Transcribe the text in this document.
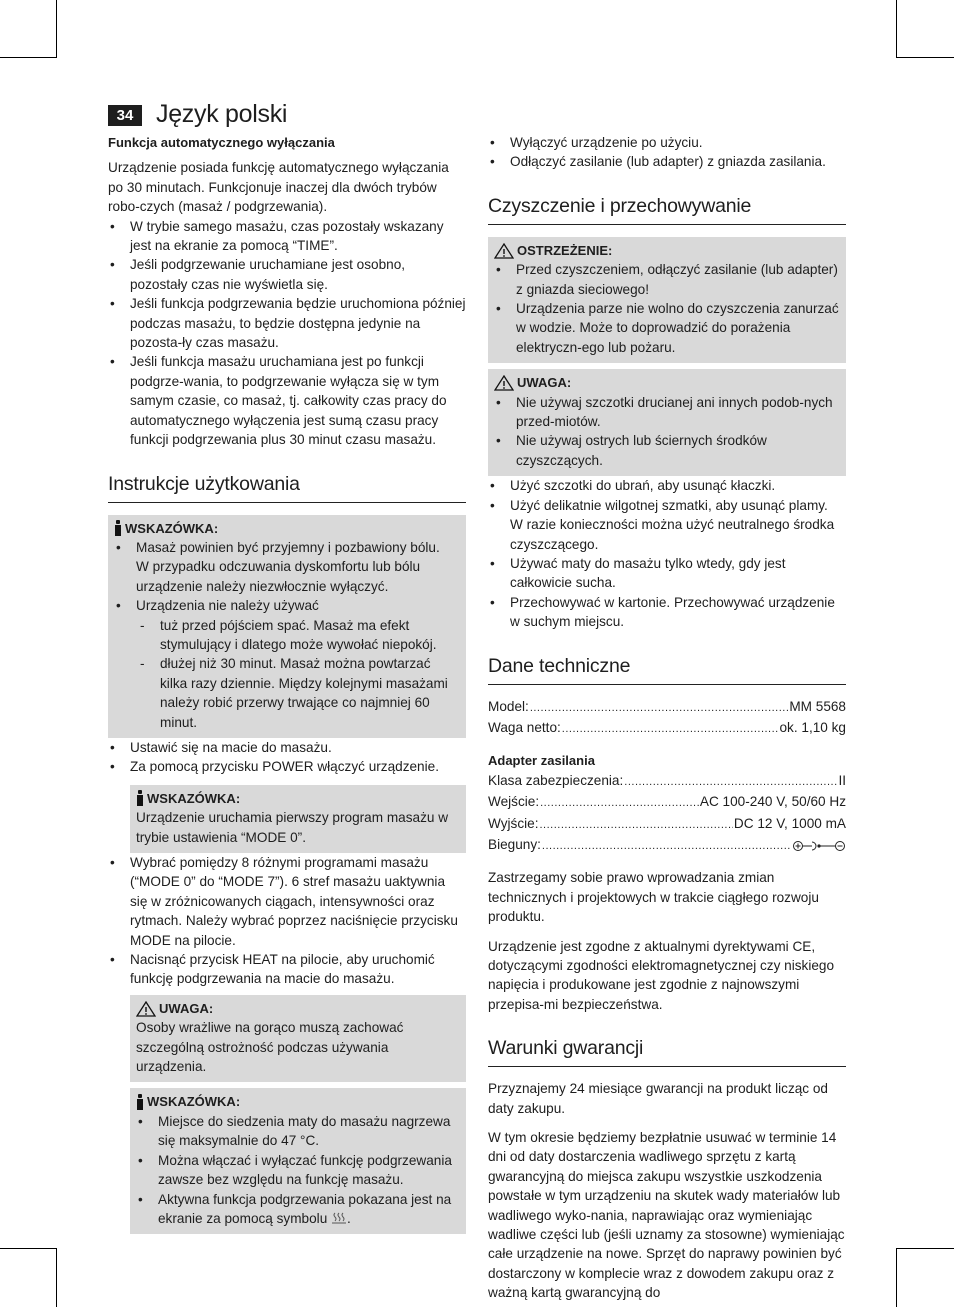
34 Język polski

Funkcja automatycznego wyłączania

Urządzenie posiada funkcję automatycznego wyłączania po 30 minutach. Funkcjonuje inaczej dla dwóch trybów robo-czych (masaż / podgrzewania).

• W trybie samego masażu, czas pozostały wskazany jest na ekranie za pomocą “TIME”.
• Jeśli podgrzewanie uruchamiane jest osobno, pozostały czas nie wyświetla się.
• Jeśli funkcja podgrzewania będzie uruchomiona później podczas masażu, to będzie dostępna jedynie na pozosta-ły czas masażu.
• Jeśli funkcja masażu uruchamiana jest po funkcji podgrze-wania, to podgrzewanie wyłącza się w tym samym czasie, co masaż, tj. całkowity czas pracy do automatycznego wyłączenia jest sumą czasu pracy funkcji podgrzewania plus 30 minut czasu masażu.
Instrukcje użytkowania
WSKAZÓWKA:
• Masaż powinien być przyjemny i pozbawiony bólu.
W przypadku odczuwania dyskomfortu lub bólu urządzenie należy niezwłocznie wyłączyć.
• Urządzenia nie należy używać
- tuż przed pójściem spać. Masaż ma efekt stymulujący i dlatego może wywołać niepokój.
- dłużej niż 30 minut. Masaż można powtarzać kilka razy dziennie. Między kolejnymi masażami należy robić przerwy trwające co najmniej 60 minut.
• Ustawić się na macie do masażu.
• Za pomocą przycisku POWER włączyć urządzenie.
WSKAZÓWKA:

Urządzenie uruchamia pierwszy program masażu w trybie ustawienia “MODE 0”.

• Wybrać pomiędzy 8 różnymi programami masażu (“MODE 0” do “MODE 7”). 6 stref masażu uaktywnia się w zróżnicowanych ciągach, intensywności oraz rytmach. Należy wybrać poprzez naciśnięcie przycisku MODE na pilocie.
• Nacisnąć przycisk HEAT na pilocie, aby uruchomić funkcję podgrzewania na macie do masażu.
UWAGA:

Osoby wrażliwe na gorąco muszą zachować szczególną ostrożność podczas używania urządzenia.

WSKAZÓWKA:
• Miejsce do siedzenia maty do masażu nagrzewa się maksymalnie do 47 °C.
• Można włączać i wyłączać funkcję podgrzewania zawsze bez względu na funkcję masażu.
• Aktywna funkcja podgrzewania pokazana jest na ekranie za pomocą symbolu .
• Wyłączyć urządzenie po użyciu.
• Odłączyć zasilanie (lub adapter) z gniazda zasilania.
Czyszczenie i przechowywanie
OSTRZEŻENIE:
• Przed czyszczeniem, odłączyć zasilanie (lub adapter) z gniazda sieciowego!
• Urządzenia parze nie wolno do czyszczenia zanurzać w wodzie. Może to doprowadzić do porażenia elektryczn-ego lub pożaru.
UWAGA:
• Nie używaj szczotki drucianej ani innych podob-nych przed-miotów.
• Nie używaj ostrych lub ściernych środków czyszczących.
• Użyć szczotki do ubrań, aby usunąć kłaczki.
• Użyć delikatnie wilgotnej szmatki, aby usunąć plamy.
W razie konieczności można użyć neutralnego środka czyszczącego.
• Używać maty do masażu tylko wtedy, gdy jest całkowicie sucha.
• Przechowywać w kartonie. Przechowywać urządzenie w suchym miejscu.
Dane techniczne
Model: .....	MM 5568
Waga netto: .....	ok. 1,10 kg

Adapter zasilania

Klasa zabezpieczenia: .....	II
Wejście: .....	AC 100-240 V, 50/60 Hz
Wyjście: .....	DC 12 V, 1000 mA
Bieguny:
.....

Zastrzegamy sobie prawo wprowadzania zmian technicznych i projektowych w trakcie ciągłego rozwoju produktu.

Urządzenie jest zgodne z aktualnymi dyrektywami CE, dotyczącymi zgodności elektromagnetycznej czy niskiego napięcia i produkowane jest zgodnie z najnowszymi przepisa-mi bezpieczeństwa.

Warunki gwarancji

Przyznajemy 24 miesiące gwarancji na produkt licząc od daty zakupu.

W tym okresie będziemy bezpłatnie usuwać w terminie 14 dni od daty dostarczenia wadliwego sprzętu z kartą gwarancyjną do miejsca zakupu wszystkie uszkodzenia powstałe w tym urządzeniu na skutek wady materiałów lub wadliwego wyko-nania, naprawiając oraz wymieniając wadliwe części lub (jeśli uznamy za stosowne) wymieniając całe urządzenie na nowe. Sprzęt do naprawy powinien być dostarczony w komplecie wraz z dowodem zakupu oraz z ważną kartą gwarancyjną do
